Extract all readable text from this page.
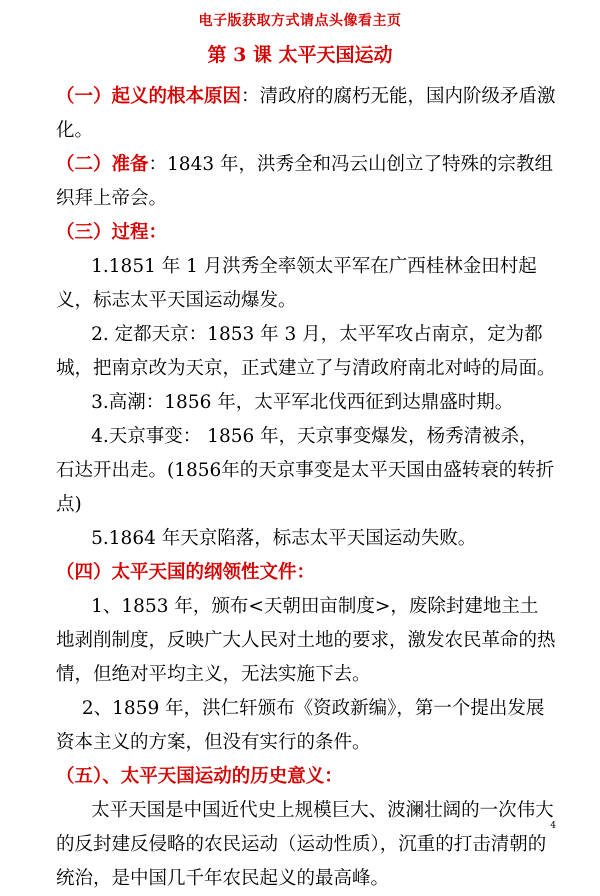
电子版获取方式请点头像看主页
第 3 课 太平天国运动

（一）起义的根本原因：清政府的腐朽无能，国内阶级矛盾激化。

（二）准备：1843 年，洪秀全和冯云山创立了特殊的宗教组织拜上帝会。

（三）过程：

1.1851 年 1 月洪秀全率领太平军在广西桂林金田村起义，标志太平天国运动爆发。

2. 定都天京：1853 年 3 月，太平军攻占南京，定为都城，把南京改为天京，正式建立了与清政府南北对峙的局面。

3.高潮：1856 年，太平军北伐西征到达鼎盛时期。

4.天京事变： 1856 年，天京事变爆发，杨秀清被杀，石达开出走。(1856年的天京事变是太平天国由盛转衰的转折点)

5.1864 年天京陷落，标志太平天国运动失败。

（四）太平天国的纲领性文件：

1、1853 年，颁布<天朝田亩制度>，废除封建地主土地剥削制度，反映广大人民对土地的要求，激发农民革命的热情，但绝对平均主义，无法实施下去。

2、1859 年，洪仁轩颁布《资政新编》，第一个提出发展资本主义的方案，但没有实行的条件。

（五）、太平天国运动的历史意义：

太平天国是中国近代史上规模巨大、波澜壮阔的一次伟大的反封建反侵略的农民运动（运动性质），沉重的打击清朝的统治，是中国几千年农民起义的最高峰。

4
